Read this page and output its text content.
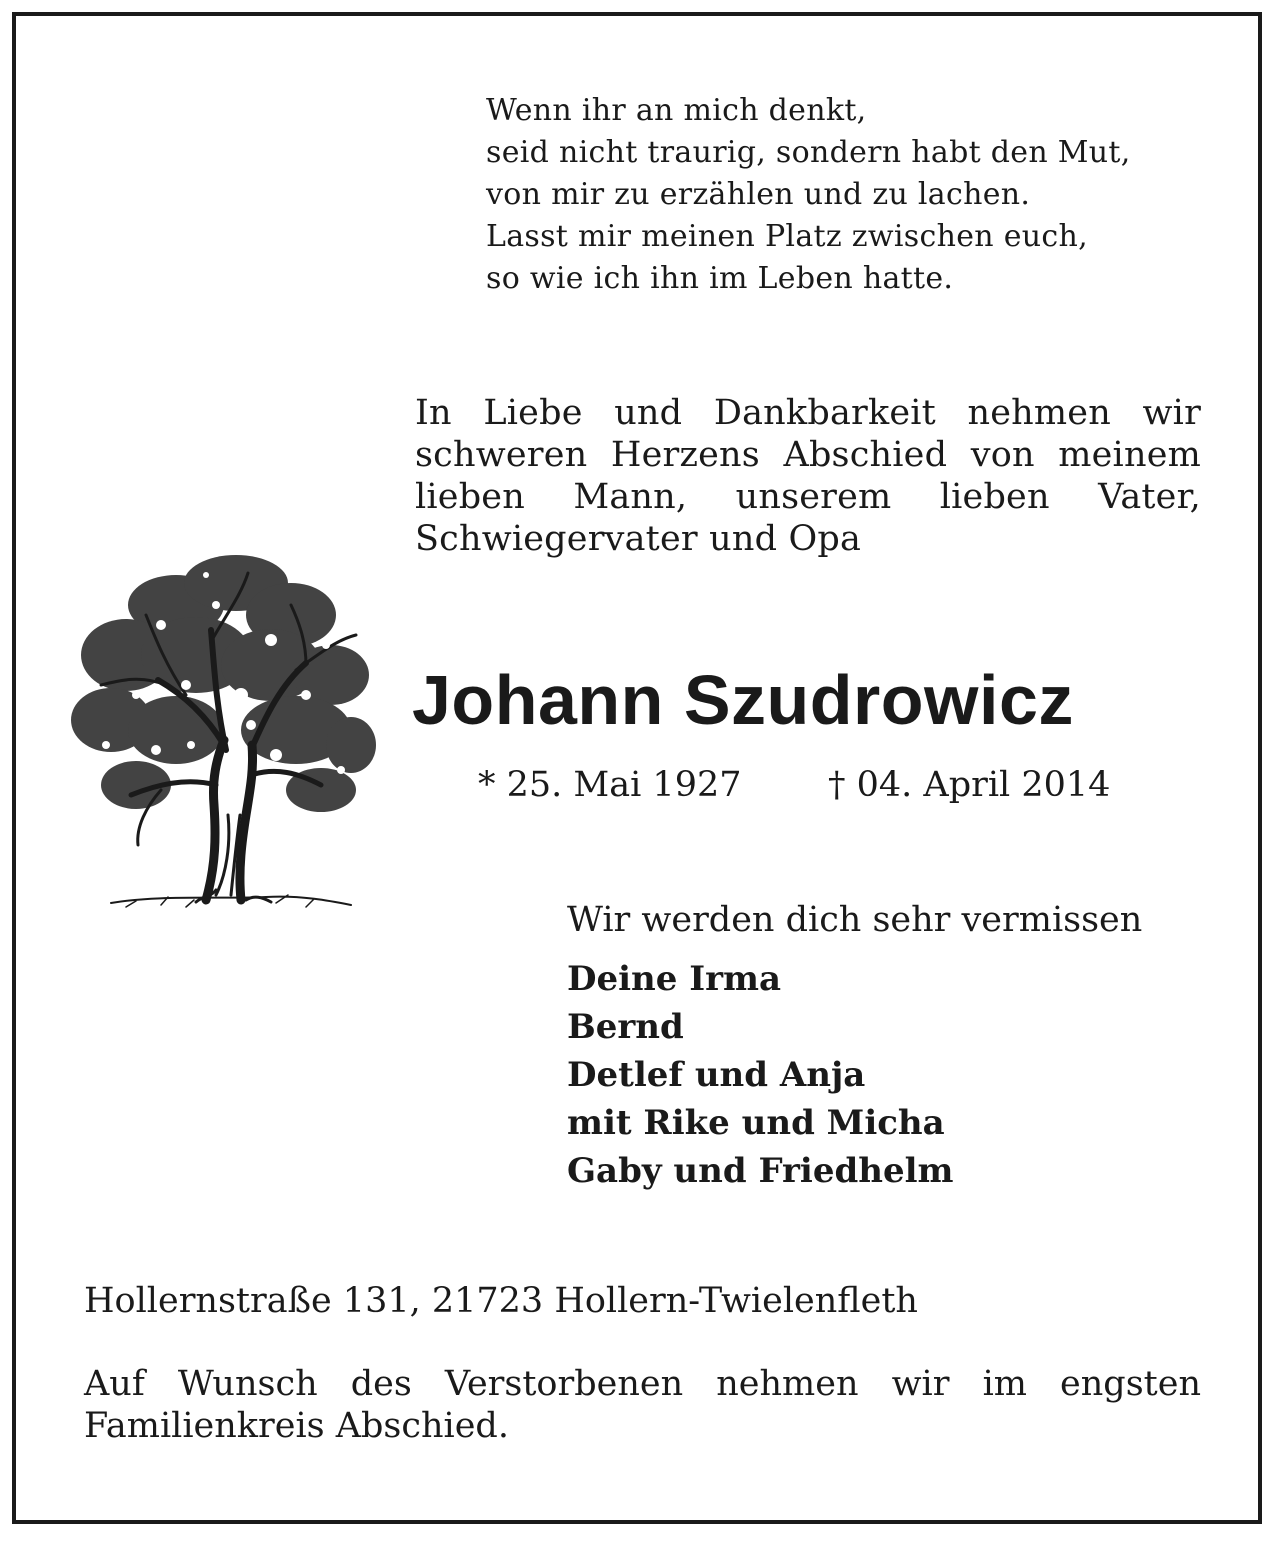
Wenn ihr an mich denkt,
seid nicht traurig, sondern habt den Mut,
von mir zu erzählen und zu lachen.
Lasst mir meinen Platz zwischen euch,
so wie ich ihn im Leben hatte.
In Liebe und Dankbarkeit nehmen wir
schweren Herzens Abschied von meinem
lieben Mann, unserem lieben Vater,
Schwiegervater und Opa
Johann Szudrowicz
* 25. Mai 1927 † 04. April 2014
Wir werden dich sehr vermissen
Deine Irma
Bernd
Detlef und Anja
mit Rike und Micha
Gaby und Friedhelm
Hollernstraße 131, 21723 Hollern-Twielenfleth
Auf Wunsch des Verstorbenen nehmen wir im engsten
Familienkreis Abschied.
